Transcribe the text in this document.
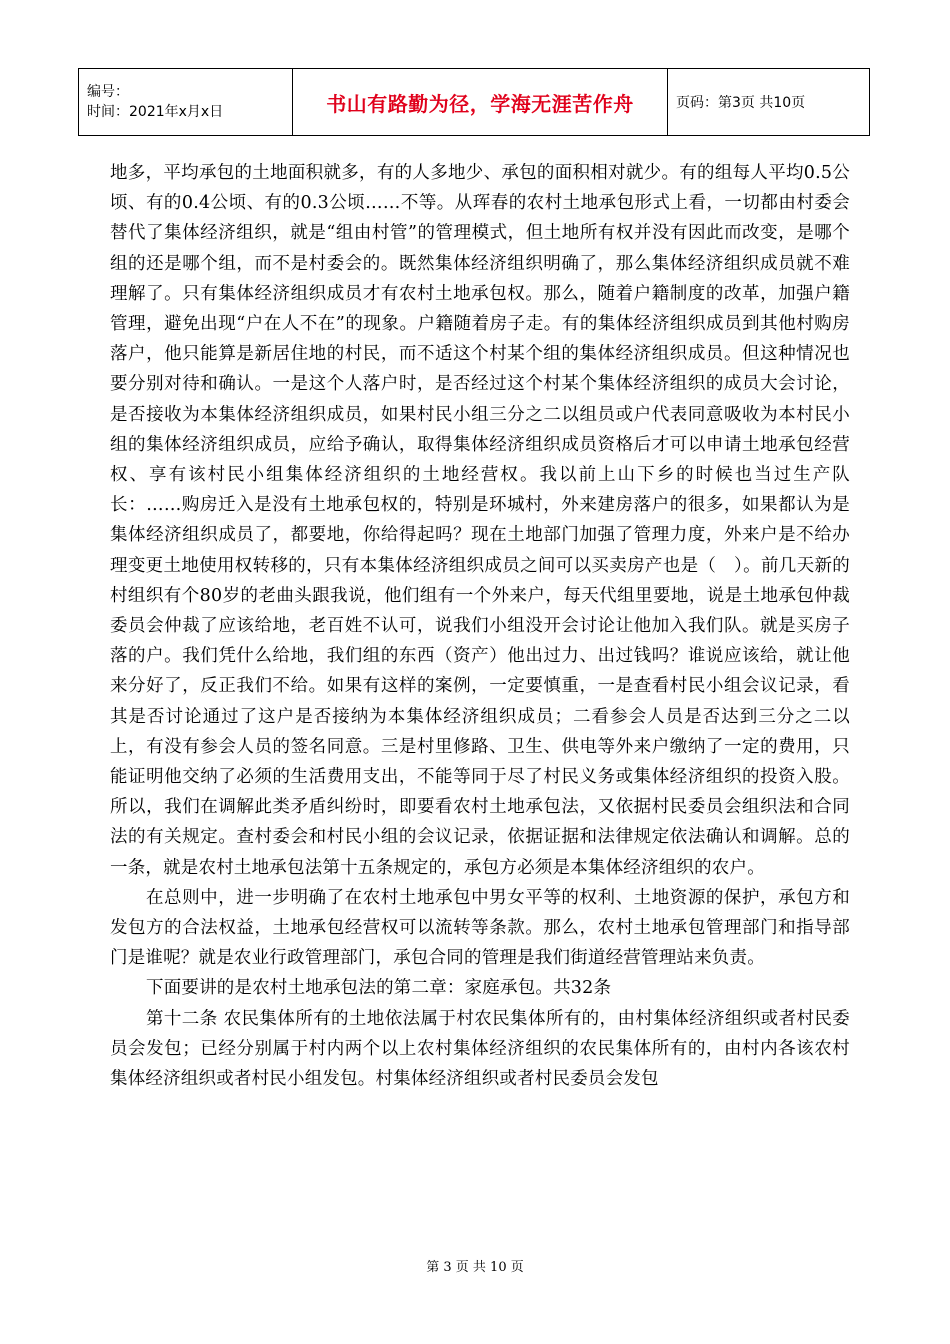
编号：
时间：2021年x月x日	书山有路勤为径，学海无涯苦作舟	页码：第3页 共10页

地多，平均承包的土地面积就多，有的人多地少、承包的面积相对就少。有的组每人平均0.5公顷、有的0.4公顷、有的0.3公顷……不等。从珲春的农村土地承包形式上看，一切都由村委会替代了集体经济组织，就是“组由村管”的管理模式，但土地所有权并没有因此而改变，是哪个组的还是哪个组，而不是村委会的。既然集体经济组织明确了，那么集体经济组织成员就不难理解了。只有集体经济组织成员才有农村土地承包权。那么，随着户籍制度的改革，加强户籍管理，避免出现“户在人不在”的现象。户籍随着房子走。有的集体经济组织成员到其他村购房落户，他只能算是新居住地的村民，而不适这个村某个组的集体经济组织成员。但这种情况也要分别对待和确认。一是这个人落户时，是否经过这个村某个集体经济组织的成员大会讨论，是否接收为本集体经济组织成员，如果村民小组三分之二以组员或户代表同意吸收为本村民小组的集体经济组织成员，应给予确认，取得集体经济组织成员资格后才可以申请土地承包经营权、享有该村民小组集体经济组织的土地经营权。我以前上山下乡的时候也当过生产队长：……购房迁入是没有土地承包权的，特别是环城村，外来建房落户的很多，如果都认为是集体经济组织成员了，都要地，你给得起吗？现在土地部门加强了管理力度，外来户是不给办理变更土地使用权转移的，只有本集体经济组织成员之间可以买卖房产也是（　）。前几天新的村组织有个80岁的老曲头跟我说，他们组有一个外来户，每天代组里要地，说是土地承包仲裁委员会仲裁了应该给地，老百姓不认可，说我们小组没开会讨论让他加入我们队。就是买房子落的户。我们凭什么给地，我们组的东西（资产）他出过力、出过钱吗？谁说应该给，就让他来分好了，反正我们不给。如果有这样的案例，一定要慎重，一是查看村民小组会议记录，看其是否讨论通过了这户是否接纳为本集体经济组织成员；二看参会人员是否达到三分之二以上，有没有参会人员的签名同意。三是村里修路、卫生、供电等外来户缴纳了一定的费用，只能证明他交纳了必须的生活费用支出，不能等同于尽了村民义务或集体经济组织的投资入股。所以，我们在调解此类矛盾纠纷时，即要看农村土地承包法，又依据村民委员会组织法和合同法的有关规定。查村委会和村民小组的会议记录，依据证据和法律规定依法确认和调解。总的一条，就是农村土地承包法第十五条规定的，承包方必须是本集体经济组织的农户。

在总则中，进一步明确了在农村土地承包中男女平等的权利、土地资源的保护，承包方和发包方的合法权益，土地承包经营权可以流转等条款。那么，农村土地承包管理部门和指导部门是谁呢？就是农业行政管理部门，承包合同的管理是我们街道经营管理站来负责。

下面要讲的是农村土地承包法的第二章：家庭承包。共32条

第十二条 农民集体所有的土地依法属于村农民集体所有的，由村集体经济组织或者村民委员会发包；已经分别属于村内两个以上农村集体经济组织的农民集体所有的，由村内各该农村集体经济组织或者村民小组发包。村集体经济组织或者村民委员会发包

第 3 页 共 10 页
